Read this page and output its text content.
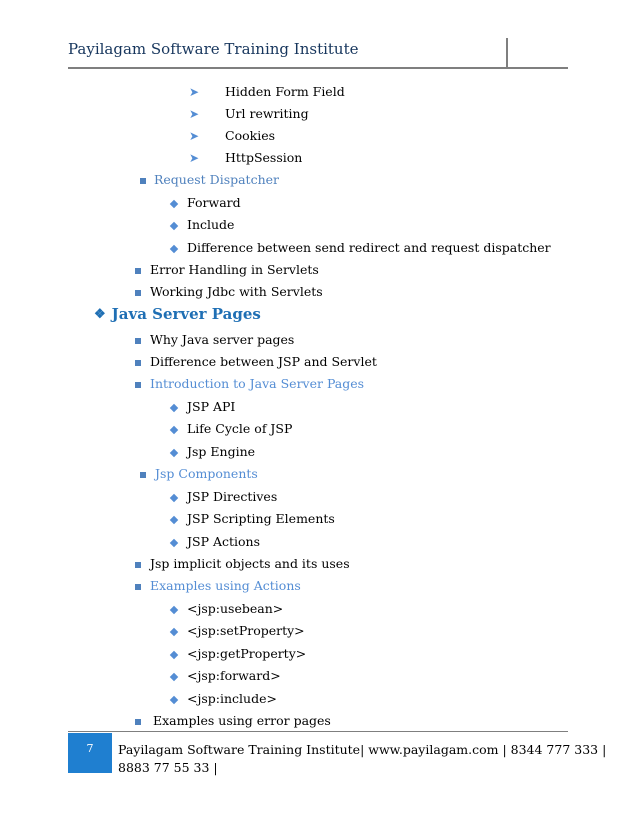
Payilagam Software Training Institute
➤ Hidden Form Field
➤ Url rewriting
➤ Cookies
➤ HttpSession
Request Dispatcher
Forward
Include
Difference between send redirect and request dispatcher
Error Handling in Servlets
Working Jdbc with Servlets
❖ Java Server Pages
Why Java server pages
Difference between JSP and Servlet
Introduction to Java Server Pages
JSP API
Life Cycle of JSP
Jsp Engine
Jsp Components
JSP Directives
JSP Scripting Elements
JSP Actions
Jsp implicit objects and its uses
Examples using Actions
<jsp:usebean>
<jsp:setProperty>
<jsp:getProperty>
<jsp:forward>
<jsp:include>
Examples using error pages
7	Payilagam Software Training Institute| www.payilagam.com | 8344 777 333 | 8883 77 55 33 |
